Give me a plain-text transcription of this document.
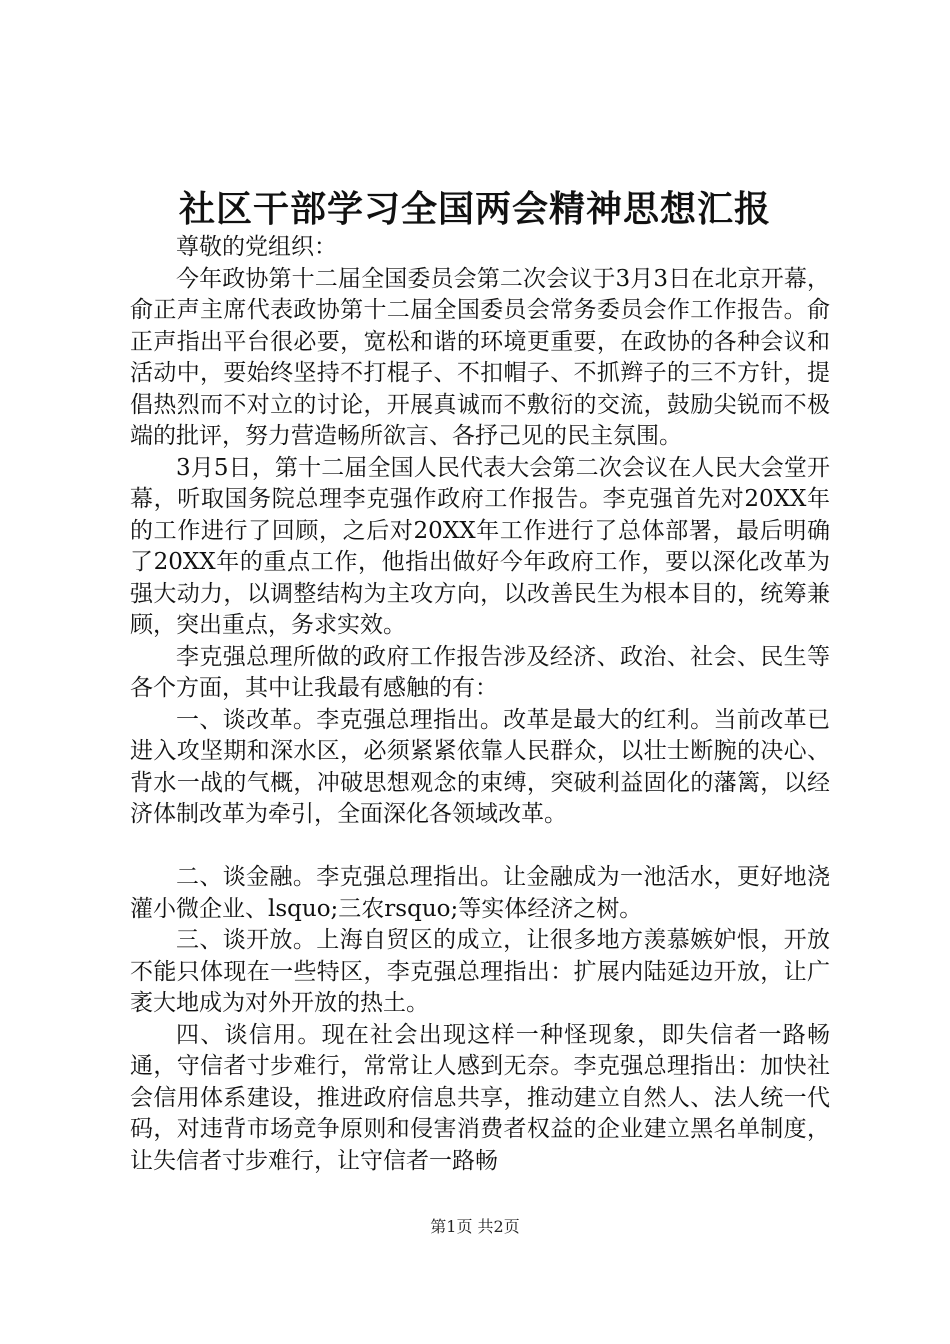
社区干部学习全国两会精神思想汇报

尊敬的党组织：

今年政协第十二届全国委员会第二次会议于3月3日在北京开幕，俞正声主席代表政协第十二届全国委员会常务委员会作工作报告。俞正声指出平台很必要，宽松和谐的环境更重要，在政协的各种会议和活动中，要始终坚持不打棍子、不扣帽子、不抓辫子的三不方针，提倡热烈而不对立的讨论，开展真诚而不敷衍的交流，鼓励尖锐而不极端的批评，努力营造畅所欲言、各抒己见的民主氛围。

3月5日，第十二届全国人民代表大会第二次会议在人民大会堂开幕，听取国务院总理李克强作政府工作报告。李克强首先对20XX年的工作进行了回顾，之后对20XX年工作进行了总体部署，最后明确了20XX年的重点工作，他指出做好今年政府工作，要以深化改革为强大动力，以调整结构为主攻方向，以改善民生为根本目的，统筹兼顾，突出重点，务求实效。

李克强总理所做的政府工作报告涉及经济、政治、社会、民生等各个方面，其中让我最有感触的有：

一、谈改革。李克强总理指出。改革是最大的红利。当前改革已进入攻坚期和深水区，必须紧紧依靠人民群众，以壮士断腕的决心、背水一战的气概，冲破思想观念的束缚，突破利益固化的藩篱，以经济体制改革为牵引，全面深化各领域改革。

二、谈金融。李克强总理指出。让金融成为一池活水，更好地浇灌小微企业、lsquo;三农rsquo;等实体经济之树。

三、谈开放。上海自贸区的成立，让很多地方羡慕嫉妒恨，开放不能只体现在一些特区，李克强总理指出：扩展内陆延边开放，让广袤大地成为对外开放的热土。

四、谈信用。现在社会出现这样一种怪现象，即失信者一路畅通，守信者寸步难行，常常让人感到无奈。李克强总理指出：加快社会信用体系建设，推进政府信息共享，推动建立自然人、法人统一代码，对违背市场竞争原则和侵害消费者权益的企业建立黑名单制度，让失信者寸步难行，让守信者一路畅

第1页 共2页
